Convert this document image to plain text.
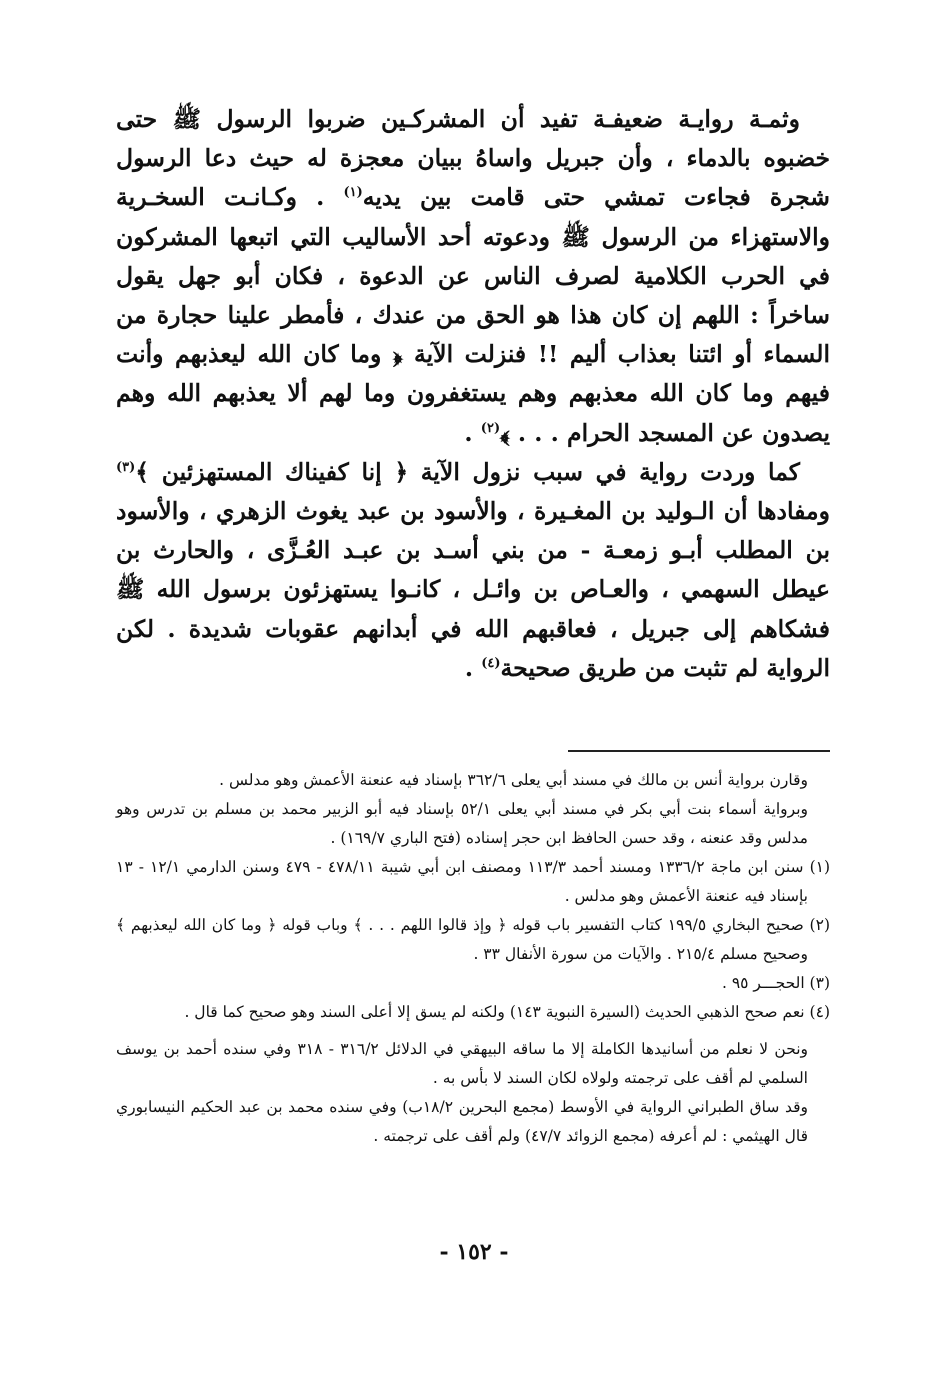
وثمـة روايـة ضعيفـة تفيد أن المشركـين ضربوا الرسول ﷺ حتى خضبوه بالدماء ، وأن جبريل واساهُ ببيان معجزة له حيث دعا الرسول شجرة فجاءت تمشي حتى قامت بين يديه$^{(١)}$ . وكـانـت السخـرية والاستهزاء من الرسول ﷺ ودعوته أحد الأساليب التي اتبعها المشركون في الحرب الكلامية لصرف الناس عن الدعوة ، فكان أبو جهل يقول ساخراً : اللهم إن كان هذا هو الحق من عندك ، فأمطر علينا حجارة من السماء أو ائتنا بعذاب أليم !! فنزلت الآية ﴿ وما كان الله ليعذبهم وأنت فيهم وما كان الله معذبهم وهم يستغفرون وما لهم ألا يعذبهم الله وهم يصدون عن المسجد الحرام . . . ﴾$^{(٢)}$ .

كما وردت رواية في سبب نزول الآية ﴿ إنا كفيناك المستهزئين ﴾$^{(٣)}$ ومفادها أن الـوليد بن المغـيرة ، والأسود بن عبد يغوث الزهري ، والأسود بن المطلب أبـو زمعـة - من بني أسـد بن عبـد العُـزَّى ، والحارث بن عيطل السهمي ، والعـاص بن وائـل ، كانـوا يستهزئون برسول الله ﷺ فشكاهم إلى جبريل ، فعاقبهم الله في أبدانهم عقوبات شديدة . لكن الرواية لم تثبت من طريق صحيحة$^{(٤)}$ .

وقارن برواية أنس بن مالك في مسند أبي يعلى ٣٦٢/٦ بإسناد فيه عنعنة الأعمش وهو مدلس .

وبرواية أسماء بنت أبي بكر في مسند أبي يعلى ٥٢/١ بإسناد فيه أبو الزبير محمد بن مسلم بن تدرس وهو مدلس وقد عنعنه ، وقد حسن الحافظ ابن حجر إسناده (فتح الباري ١٦٩/٧) .

(١) سنن ابن ماجة ١٣٣٦/٢ ومسند أحمد ١١٣/٣ ومصنف ابن أبي شيبة ٤٧٨/١١ - ٤٧٩ وسنن الدارمي ١٢/١ - ١٣ بإسناد فيه عنعنة الأعمش وهو مدلس .

(٢) صحيح البخاري ١٩٩/٥ كتاب التفسير باب قوله ﴿ وإذ قالوا اللهم . . . ﴾ وباب قوله ﴿ وما كان الله ليعذبهم ﴾ وصحيح مسلم ٢١٥/٤ . والآيات من سورة الأنفال ٣٣ .

(٣) الحجـــر ٩٥ .

(٤) نعم صحح الذهبي الحديث (السيرة النبوية ١٤٣) ولكنه لم يسق إلا أعلى السند وهو صحيح كما قال .

ونحن لا نعلم من أسانيدها الكاملة إلا ما ساقه البيهقي في الدلائل ٣١٦/٢ - ٣١٨ وفي سنده أحمد بن يوسف السلمي لم أقف على ترجمته ولولاه لكان السند لا بأس به .

وقد ساق الطبراني الرواية في الأوسط (مجمع البحرين ١٨/٢ب) وفي سنده محمد بن عبد الحكيم النيسابوري قال الهيثمي : لم أعرفه (مجمع الزوائد ٤٧/٧) ولم أقف على ترجمته .

- ١٥٢ -
